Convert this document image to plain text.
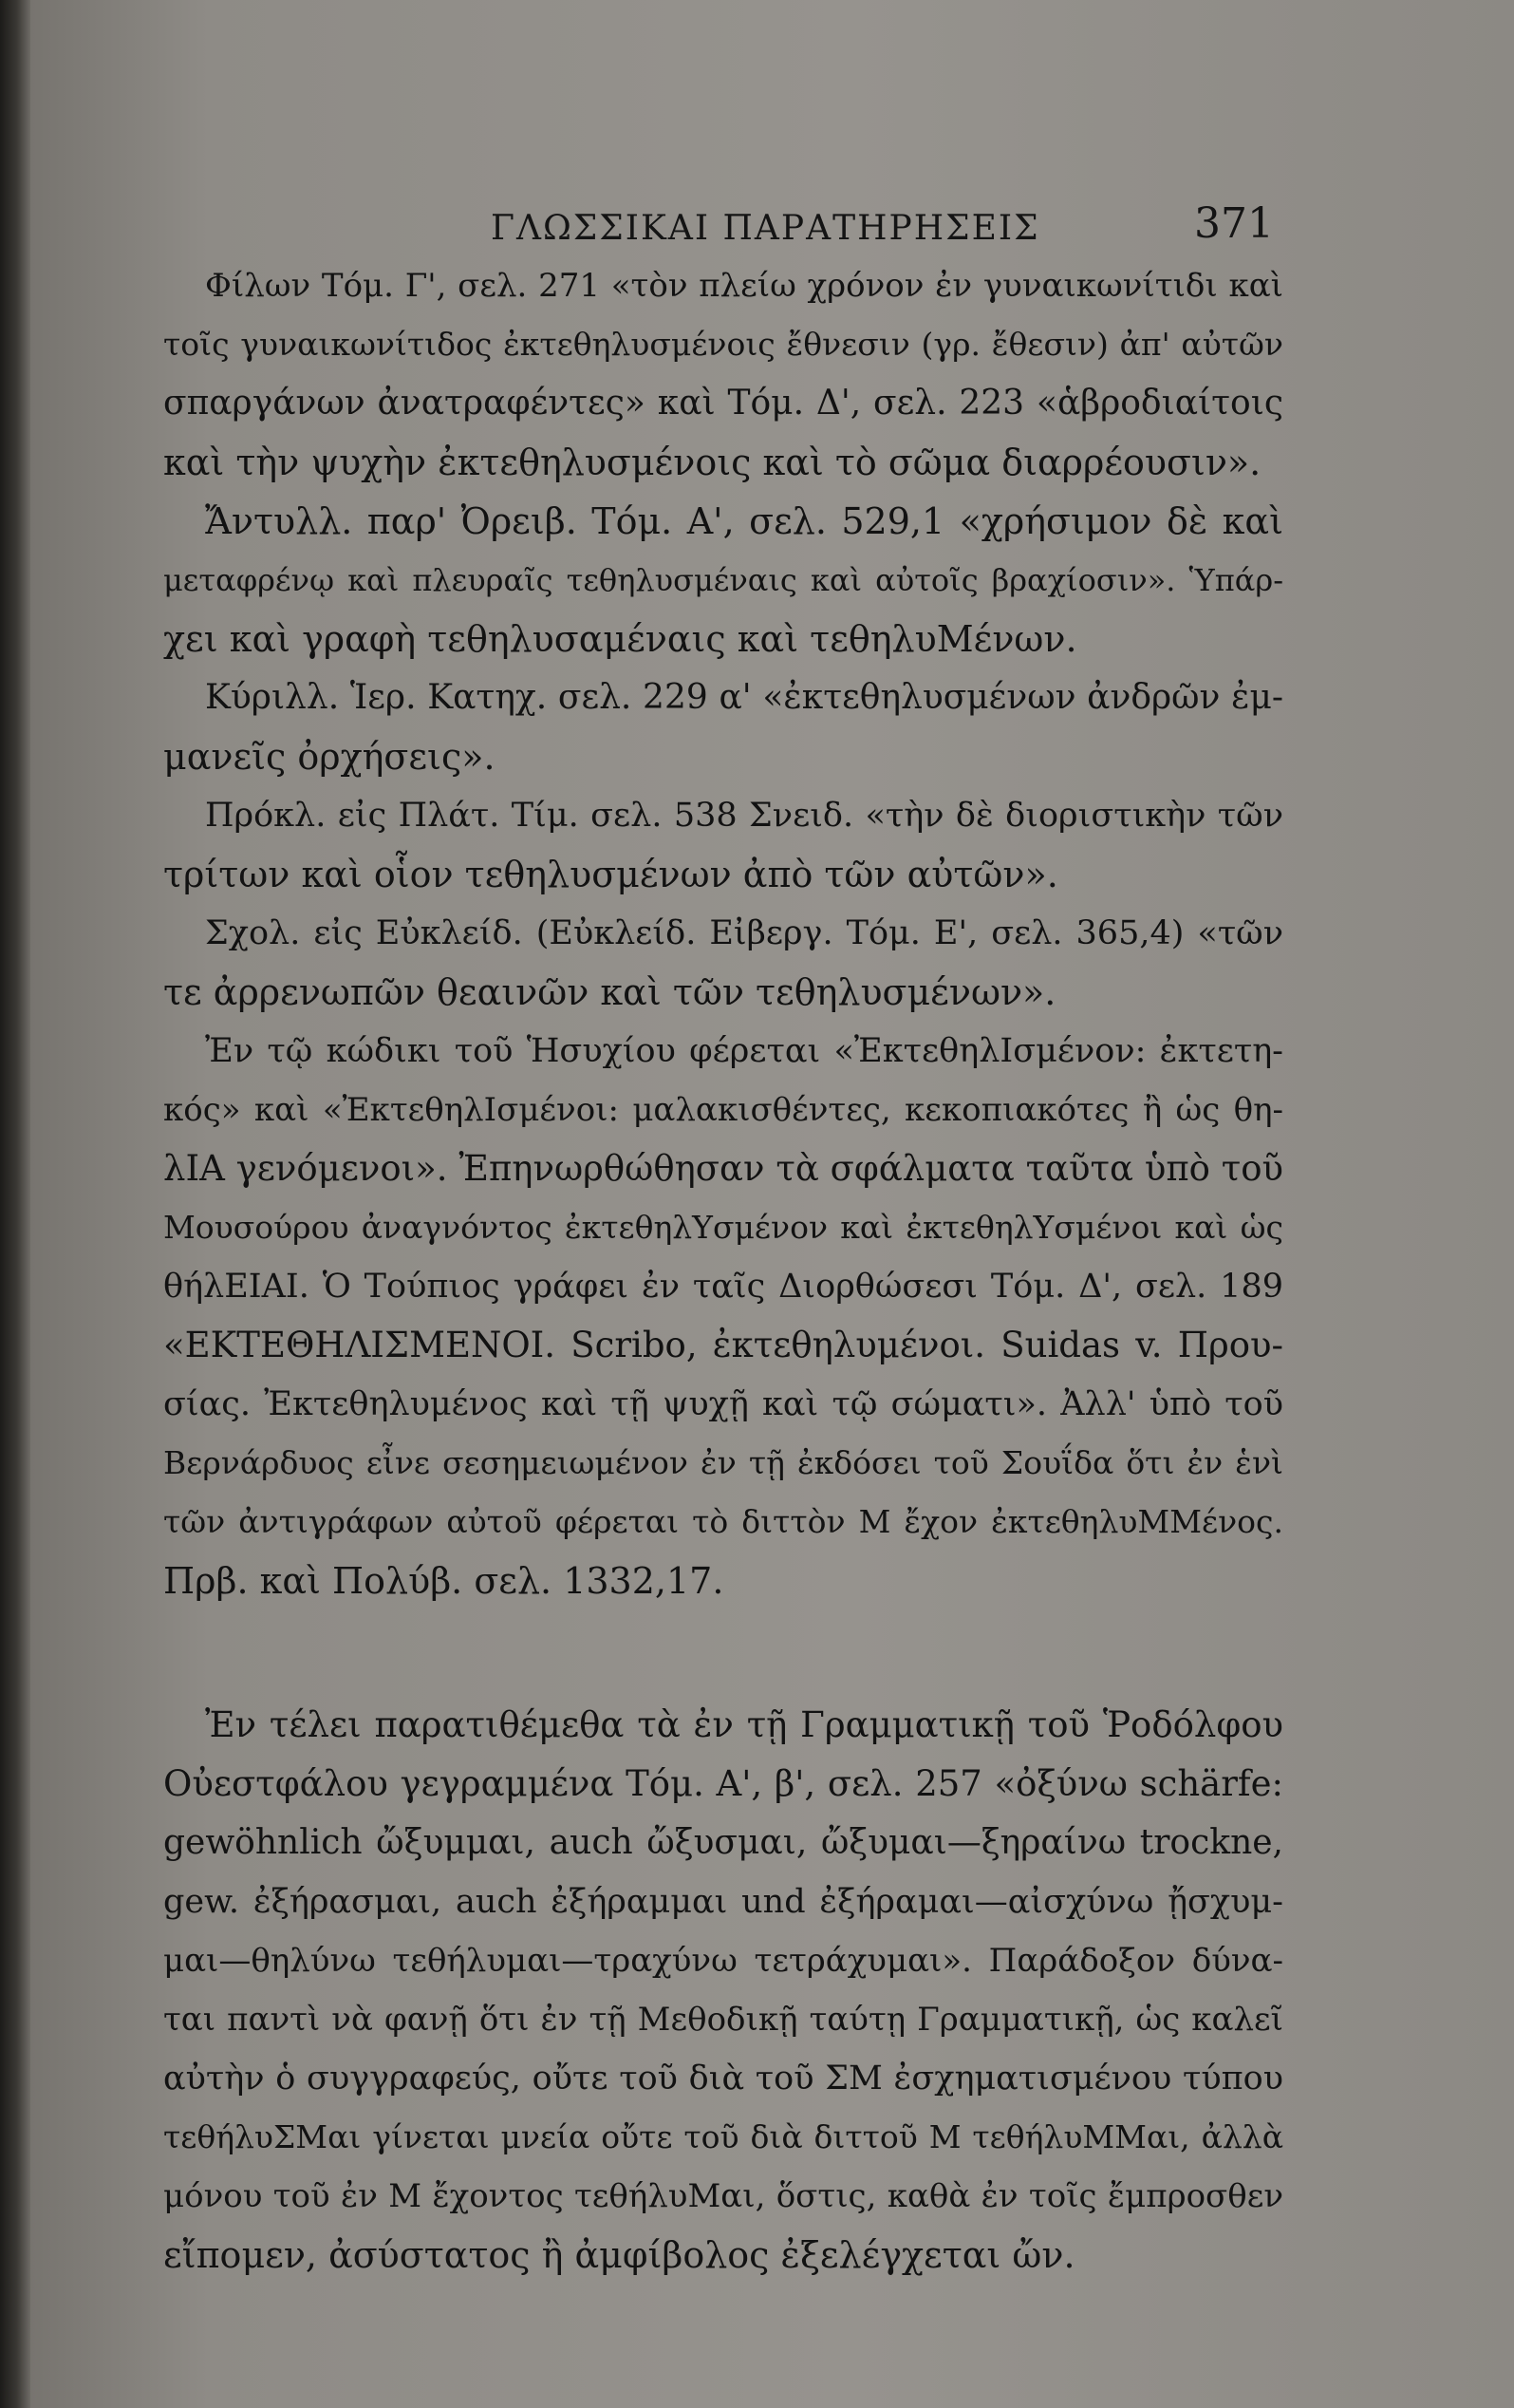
ΓΛΩΣΣΙΚΑΙ ΠΑΡΑΤΗΡΗΣΕΙΣ	371
Φίλων Τόμ. Γ', σελ. 271 «τὸν πλείω χρόνον ἐν γυναικωνίτιδι καὶ
τοῖς γυναικωνίτιδος ἐκτεθηλυσμένοις ἔθνεσιν (γρ. ἔθεσιν) ἀπ' αὐτῶν
σπαργάνων ἀνατραφέντες» καὶ Τόμ. Δ', σελ. 223 «ἁβροδιαίτοις
καὶ τὴν ψυχὴν ἐκτεθηλυσμένοις καὶ τὸ σῶμα διαρρέουσιν».
Ἄντυλλ. παρ' Ὀρειβ. Τόμ. Α', σελ. 529,1 «χρήσιμον δὲ καὶ
μεταφρένῳ καὶ πλευραῖς τεθηλυσμέναις καὶ αὐτοῖς βραχίοσιν». Ὑπάρ-
χει καὶ γραφὴ τεθηλυσαμέναις καὶ τεθηλυΜένων.
Κύριλλ. Ἱερ. Κατηχ. σελ. 229 α' «ἐκτεθηλυσμένων ἀνδρῶν ἐμ-
μανεῖς ὀρχήσεις».
Πρόκλ. εἰς Πλάτ. Τίμ. σελ. 538 Σνειδ. «τὴν δὲ διοριστικὴν τῶν
τρίτων καὶ οἷον τεθηλυσμένων ἀπὸ τῶν αὐτῶν».
Σχολ. εἰς Εὐκλείδ. (Εὐκλείδ. Εἰβεργ. Τόμ. Ε', σελ. 365,4) «τῶν
τε ἀρρενωπῶν θεαινῶν καὶ τῶν τεθηλυσμένων».
Ἐν τῷ κώδικι τοῦ Ἡσυχίου φέρεται «ἘκτεθηλΙσμένον: ἐκτετη-
κός» καὶ «ἘκτεθηλΙσμένοι: μαλακισθέντες, κεκοπιακότες ἢ ὡς θη-
λΙΑ γενόμενοι». Ἐπηνωρθώθησαν τὰ σφάλματα ταῦτα ὑπὸ τοῦ
Μουσούρου ἀναγνόντος ἐκτεθηλΥσμένον καὶ ἐκτεθηλΥσμένοι καὶ ὡς
θήλΕΙΑΙ. Ὁ Τούπιος γράφει ἐν ταῖς Διορθώσεσι Τόμ. Δ', σελ. 189
«ΕΚΤΕΘΗΛΙΣΜΕΝΟΙ. Scribo, ἐκτεθηλυμένοι. Suidas v. Πρου-
σίας. Ἐκτεθηλυμένος καὶ τῇ ψυχῇ καὶ τῷ σώματι». Ἀλλ' ὑπὸ τοῦ
Βερνάρδυος εἶνε σεσημειωμένον ἐν τῇ ἐκδόσει τοῦ Σουΐδα ὅτι ἐν ἑνὶ
τῶν ἀντιγράφων αὐτοῦ φέρεται τὸ διττὸν Μ ἔχον ἐκτεθηλυΜΜένος.
Πρβ. καὶ Πολύβ. σελ. 1332,17.
Ἐν τέλει παρατιθέμεθα τὰ ἐν τῇ Γραμματικῇ τοῦ Ῥοδόλφου
Οὐεστφάλου γεγραμμένα Τόμ. Α', β', σελ. 257 «ὀξύνω schärfe:
gewöhnlich ὤξυμμαι, auch ὤξυσμαι, ὤξυμαι—ξηραίνω trockne,
gew. ἐξήρασμαι, auch ἐξήραμμαι und ἐξήραμαι—αἰσχύνω ᾔσχυμ-
μαι—θηλύνω τεθήλυμαι—τραχύνω τετράχυμαι». Παράδοξον δύνα-
ται παντὶ νὰ φανῇ ὅτι ἐν τῇ Μεθοδικῇ ταύτῃ Γραμματικῇ, ὡς καλεῖ
αὐτὴν ὁ συγγραφεύς, οὔτε τοῦ διὰ τοῦ ΣΜ ἐσχηματισμένου τύπου
τεθήλυΣΜαι γίνεται μνεία οὔτε τοῦ διὰ διττοῦ Μ τεθήλυΜΜαι, ἀλλὰ
μόνου τοῦ ἐν Μ ἔχοντος τεθήλυΜαι, ὅστις, καθὰ ἐν τοῖς ἔμπροσθεν
εἴπομεν, ἀσύστατος ἢ ἀμφίβολος ἐξελέγχεται ὤν.
